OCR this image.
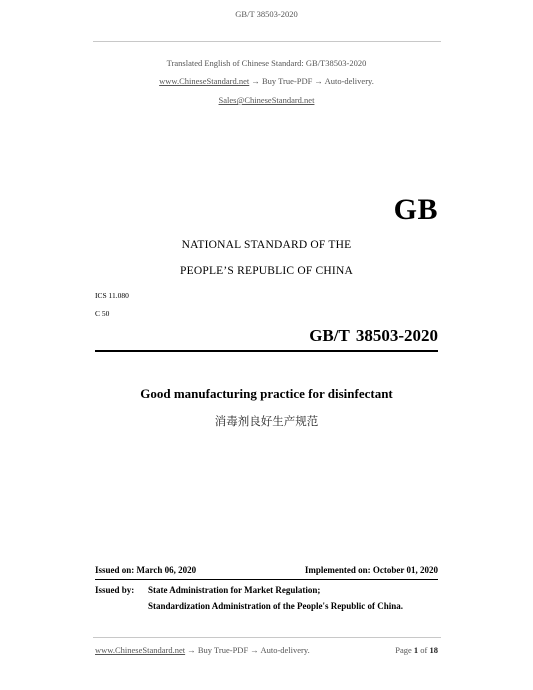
GB/T 38503-2020
Translated English of Chinese Standard: GB/T38503-2020
www.ChineseStandard.net → Buy True-PDF → Auto-delivery.
Sales@ChineseStandard.net
GB
NATIONAL STANDARD OF THE
PEOPLE’S REPUBLIC OF CHINA
ICS 11.080
C 50
GB/T 38503-2020
Good manufacturing practice for disinfectant
消毒剂良好生产规范
Issued on: March 06, 2020	Implemented on: October 01, 2020
Issued by: State Administration for Market Regulation;
Standardization Administration of the People's Republic of China.
www.ChineseStandard.net → Buy True-PDF → Auto-delivery.	Page 1 of 18
